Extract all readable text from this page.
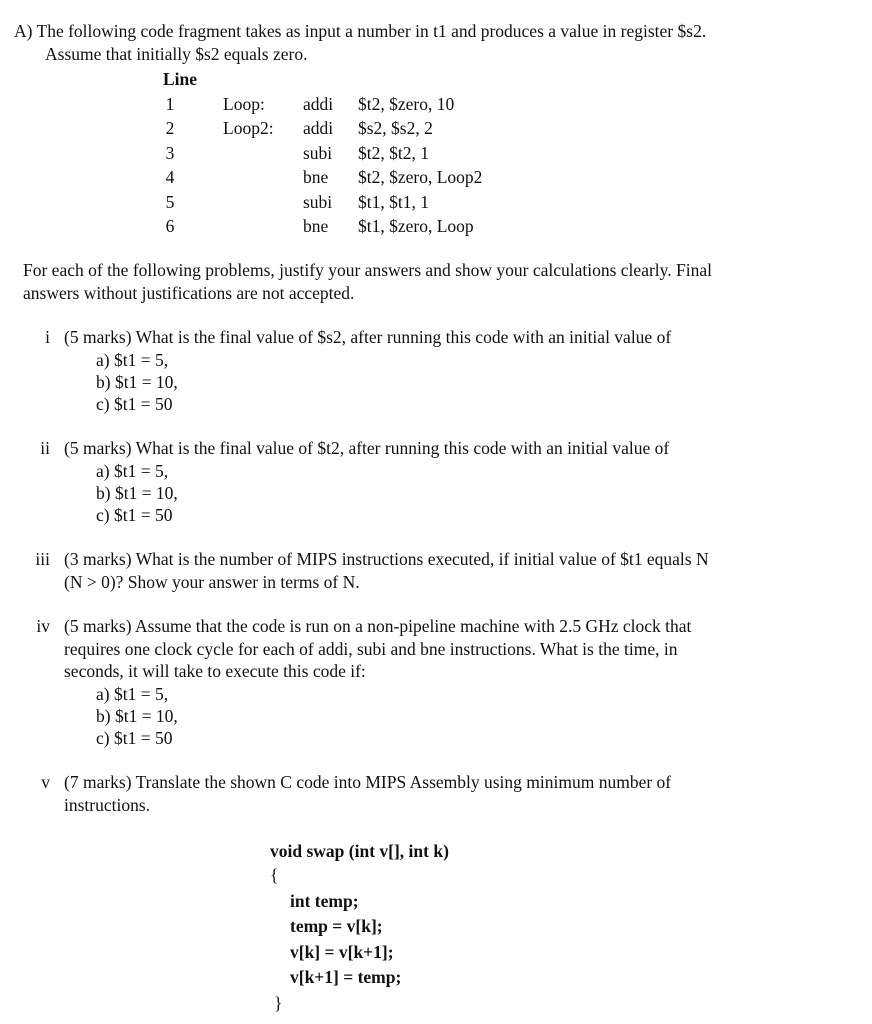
A) The following code fragment takes as input a number in t1 and produces a value in register $s2.
Assume that initially $s2 equals zero.
Line
1	Loop: addi $t2, $zero, 10
2	Loop2: addi $s2, $s2, 2
3	subi $t2, $t2, 1
4	bne $t2, $zero, Loop2
5	subi $t1, $t1, 1
6	bne $t1, $zero, Loop
For each of the following problems, justify your answers and show your calculations clearly. Final
answers without justifications are not accepted.
i (5 marks) What is the final value of $s2, after running this code with an initial value of
a) $t1 = 5,
b) $t1 = 10,
c) $t1 = 50
ii (5 marks) What is the final value of $t2, after running this code with an initial value of
a) $t1 = 5,
b) $t1 = 10,
c) $t1 = 50
iii (3 marks) What is the number of MIPS instructions executed, if initial value of $t1 equals N
(N > 0)? Show your answer in terms of N.
iv (5 marks) Assume that the code is run on a non-pipeline machine with 2.5 GHz clock that
requires one clock cycle for each of addi, subi and bne instructions. What is the time, in
seconds, it will take to execute this code if:
a) $t1 = 5,
b) $t1 = 10,
c) $t1 = 50
v (7 marks) Translate the shown C code into MIPS Assembly using minimum number of
instructions.
void swap (int v[], int k)
{
int temp;
temp = v[k];
v[k] = v[k+1];
v[k+1] = temp;
}
